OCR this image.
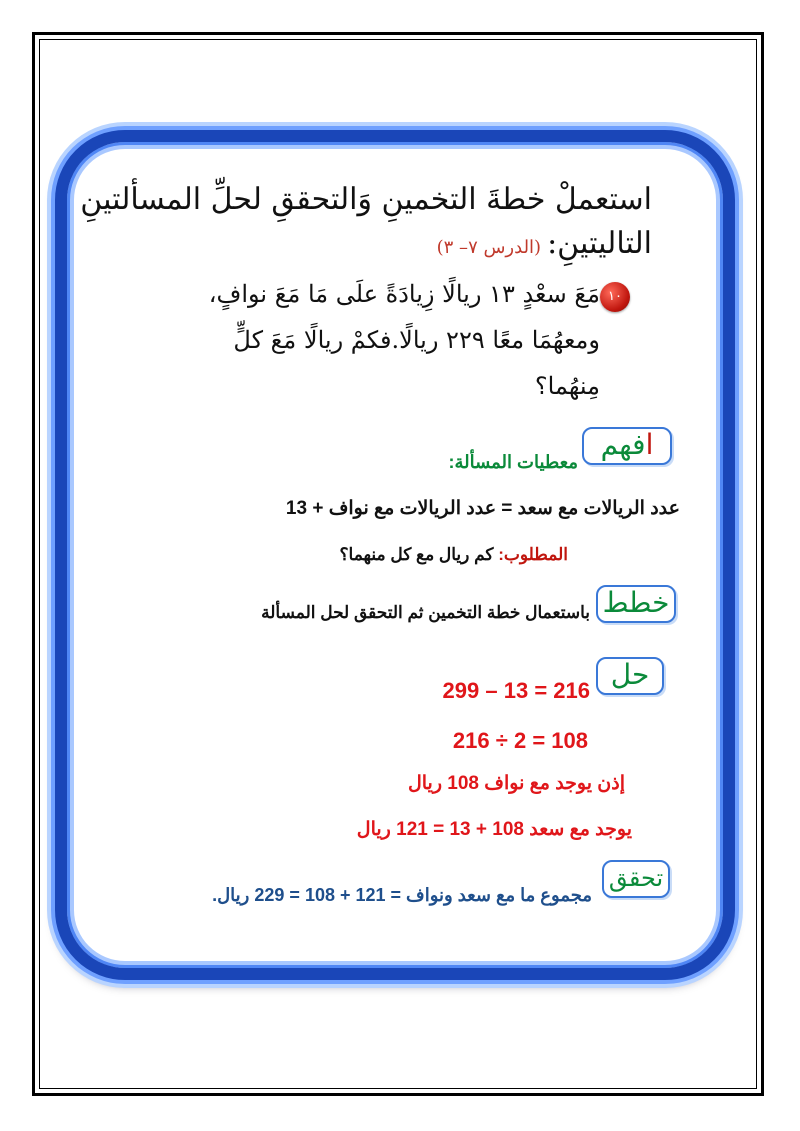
استعملْ خطةَ التخمينِ وَالتحققِ لحلِّ المسألتينِ
التاليتينِ:(الدرس ٧– ٣)
١٠
مَعَ سعْدٍ ١٣ ريالًا زِيادَةً علَى مَا مَعَ نوافٍ،
ومعهُمَا معًا ٢٢٩ ريالًا.فكمْ ريالًا مَعَ كلٍّ
مِنهُما؟
افهم
معطيات المسألة:
عدد الريالات مع سعد = عدد الريالات مع نواف + 13
المطلوب: كم ريال مع كل منهما؟
خطط
باستعمال خطة التخمين ثم التحقق لحل المسألة
حل
216 = 13 – 299
108 = 2 ÷ 216
إذن يوجد مع نواف 108 ريال
يوجد مع سعد 108 + 13 = 121 ريال
تحقق
مجموع ما مع سعد ونواف = 121 + 108 = 229 ريال.
